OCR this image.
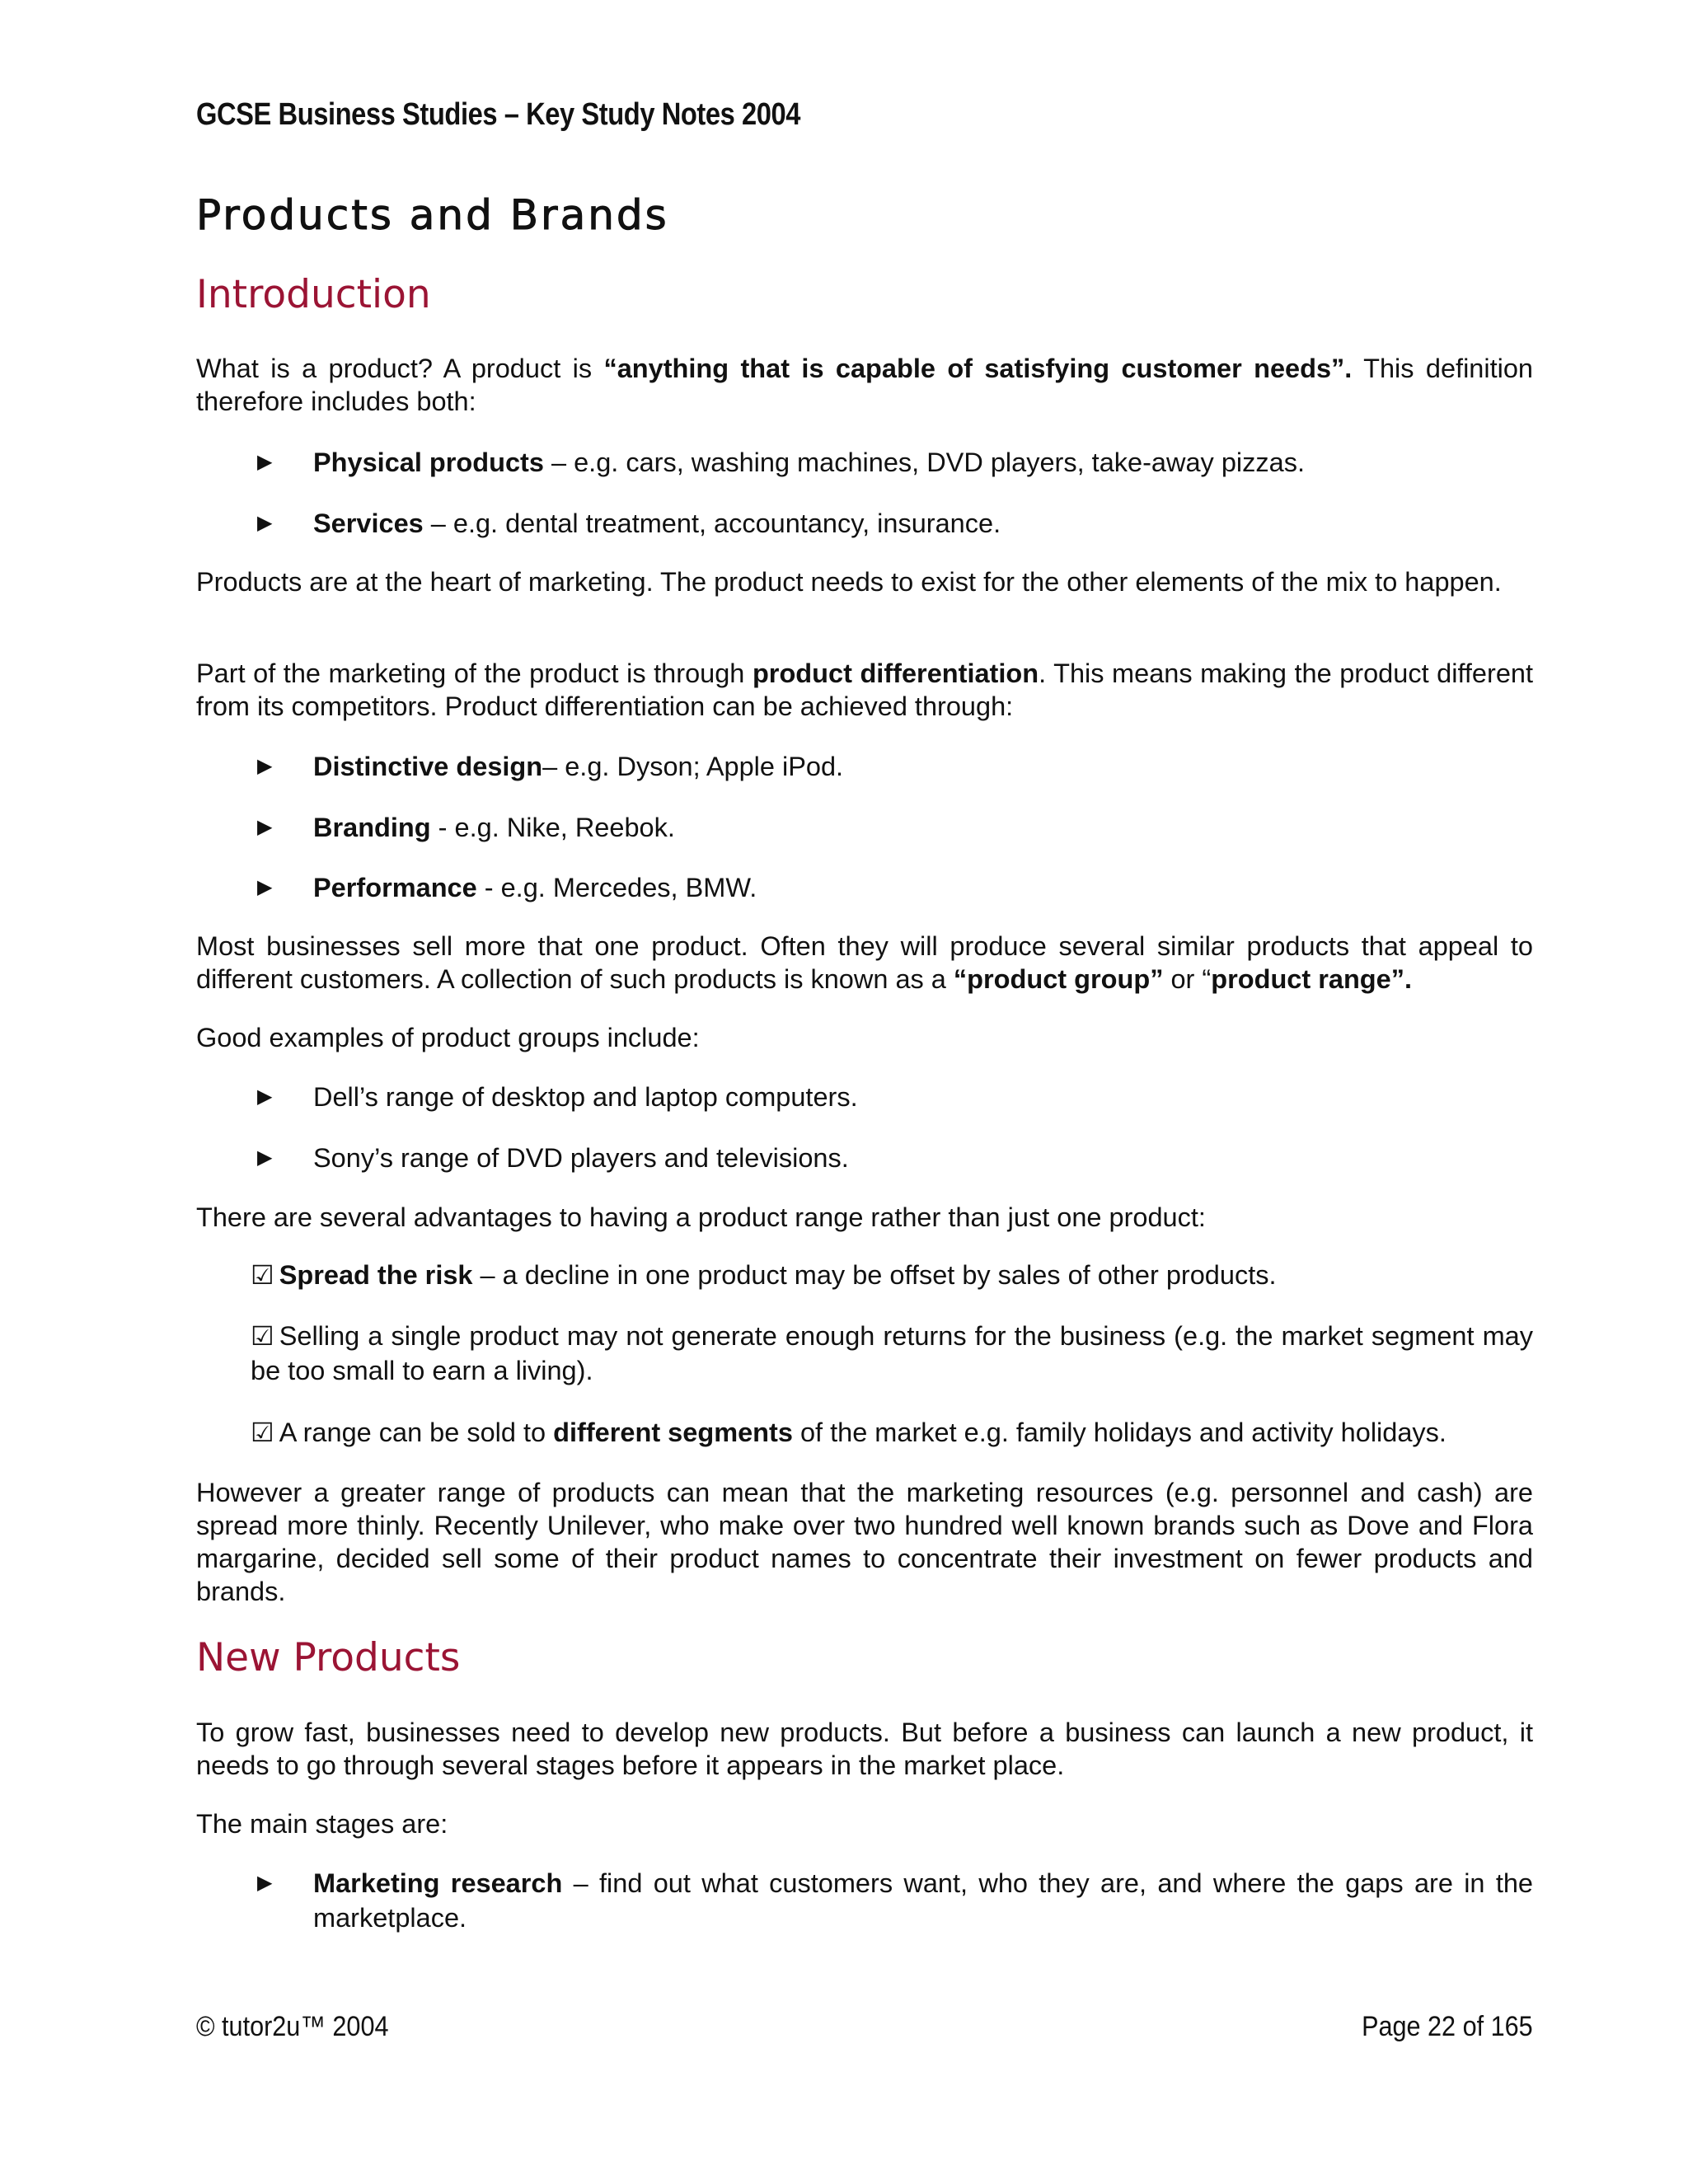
GCSE Business Studies – Key Study Notes 2004
Products and Brands
Introduction
What is a product? A product is “anything that is capable of satisfying customer needs”. This definition therefore includes both:
▶ Physical products – e.g. cars, washing machines, DVD players, take-away pizzas.
▶ Services – e.g. dental treatment, accountancy, insurance.
Products are at the heart of marketing. The product needs to exist for the other elements of the mix to happen.
Part of the marketing of the product is through product differentiation. This means making the product different from its competitors. Product differentiation can be achieved through:
▶ Distinctive design– e.g. Dyson; Apple iPod.
▶ Branding - e.g. Nike, Reebok.
▶ Performance - e.g. Mercedes, BMW.
Most businesses sell more that one product. Often they will produce several similar products that appeal to different customers. A collection of such products is known as a “product group” or “product range”.
Good examples of product groups include:
▶ Dell’s range of desktop and laptop computers.
▶ Sony’s range of DVD players and televisions.
There are several advantages to having a product range rather than just one product:
☑ Spread the risk – a decline in one product may be offset by sales of other products.
☑ Selling a single product may not generate enough returns for the business (e.g. the market segment may be too small to earn a living).
☑ A range can be sold to different segments of the market e.g. family holidays and activity holidays.
However a greater range of products can mean that the marketing resources (e.g. personnel and cash) are spread more thinly. Recently Unilever, who make over two hundred well known brands such as Dove and Flora margarine, decided sell some of their product names to concentrate their investment on fewer products and brands.
New Products
To grow fast, businesses need to develop new products. But before a business can launch a new product, it needs to go through several stages before it appears in the market place.
The main stages are:
▶ Marketing research – find out what customers want, who they are, and where the gaps are in the marketplace.
© tutor2u™ 2004	Page 22 of 165
